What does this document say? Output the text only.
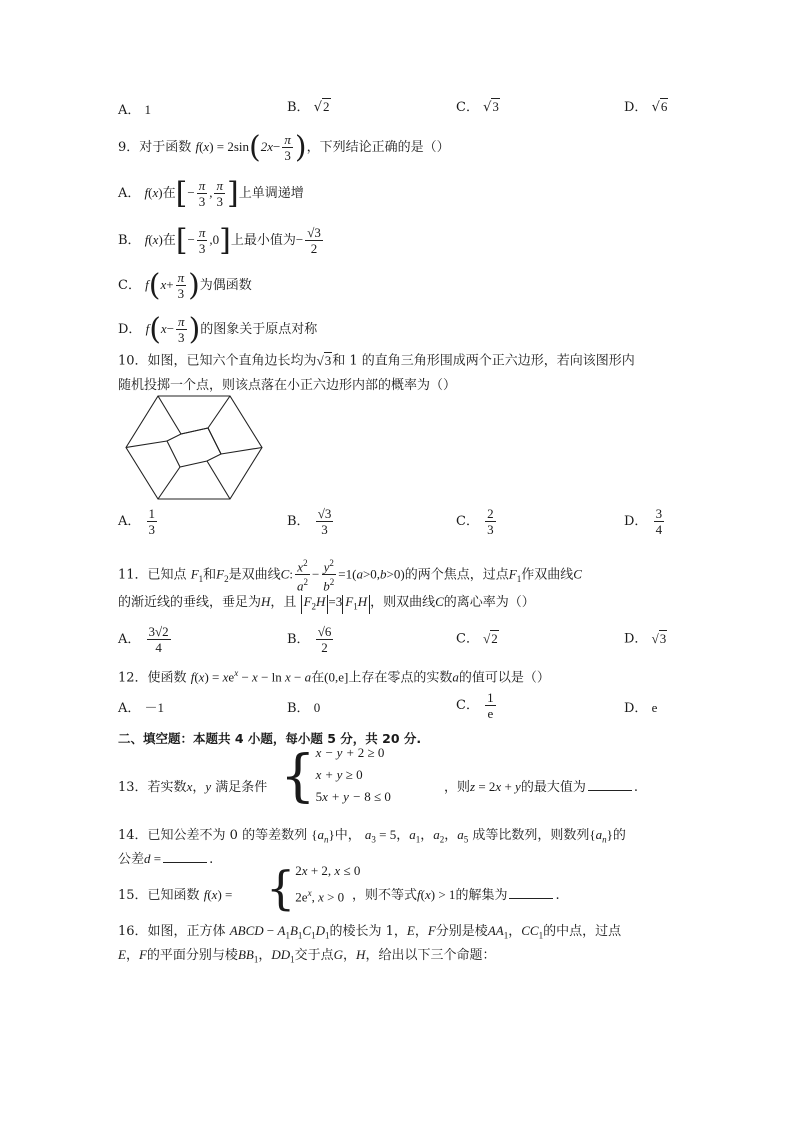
A． 1	B． √2	C． √3	D． √6
9．对于函数 $f(x) = 2\sin(2x- \frac{\pi}{3}$ )，下列结论正确的是（）
A． f(x)在[− $\frac{\pi}{3}$ , $\frac{\pi}{3}$ ]上单调递增
B． f(x)在[− $\frac{\pi}{3} ,0$]上最小值为− $\frac{√3}{2}$
C． $f(x+ \frac{\pi}{3}$ )为偶函数
D． $f(x- \frac{\pi}{3}$ )的图象关于原点对称
10．如图，已知六个直角边长均为√3和 1 的直角三角形围成两个正六边形，若向该图形内
随机投掷一个点，则该点落在小正六边形内部的概率为（）
A． $\frac{1}{3}$	B． $\frac{√3}{3}$	C． $\frac{2}{3}$	D． $\frac{3}{4}$
11．已知点 $F_1$和$F_2$是双曲线C: $\frac{x^2}{a^2} - \frac{y^2}{b^2} =1(a>0,b>0)$的两个焦点，过点$F_1$作双曲线C
的渐近线的垂线，垂足为H，且 $F_2H =3$ $F_1H$ ，则双曲线C的离心率为（）
A． $\frac{3√2}{4}$	B． $\frac{√6}{2}$	C． √2	D． √3
12．使函数 $f(x) = xe^x - x - \ln x - a$在(0,e]上存在零点的实数a的值可以是（）
A． －1	B． 0	C． $\frac{1}{e}$	D． e
二、填空题：本题共 4 小题，每小题 5 分，共 20 分.
13．若实数x，y 满足条件 { x − y + 2 ≥ 0
x + y ≥ 0
5x + y − 8 ≤ 0
，则z = 2x + y的最大值为	.
14．已知公差不为 0 的等差数列 $\{a_n\}$中， $a_3 = 5$，$a_1$，$a_2$，$a_5$ 成等比数列，则数列$\{a_n\}$的
公差d =	.
15．已知函数 f(x) = { 2x + 2, x ≤ 0
$2e^x$, x > 0 ，则不等式f(x) > 1的解集为	.
16．如图，正方体 ABCD − $A_1B_1C_1D_1$的棱长为 1，E，F分别是棱$AA_1$，$CC_1$的中点，过点
E，F的平面分别与棱$BB_1$，$DD_1$交于点G，H，给出以下三个命题：
